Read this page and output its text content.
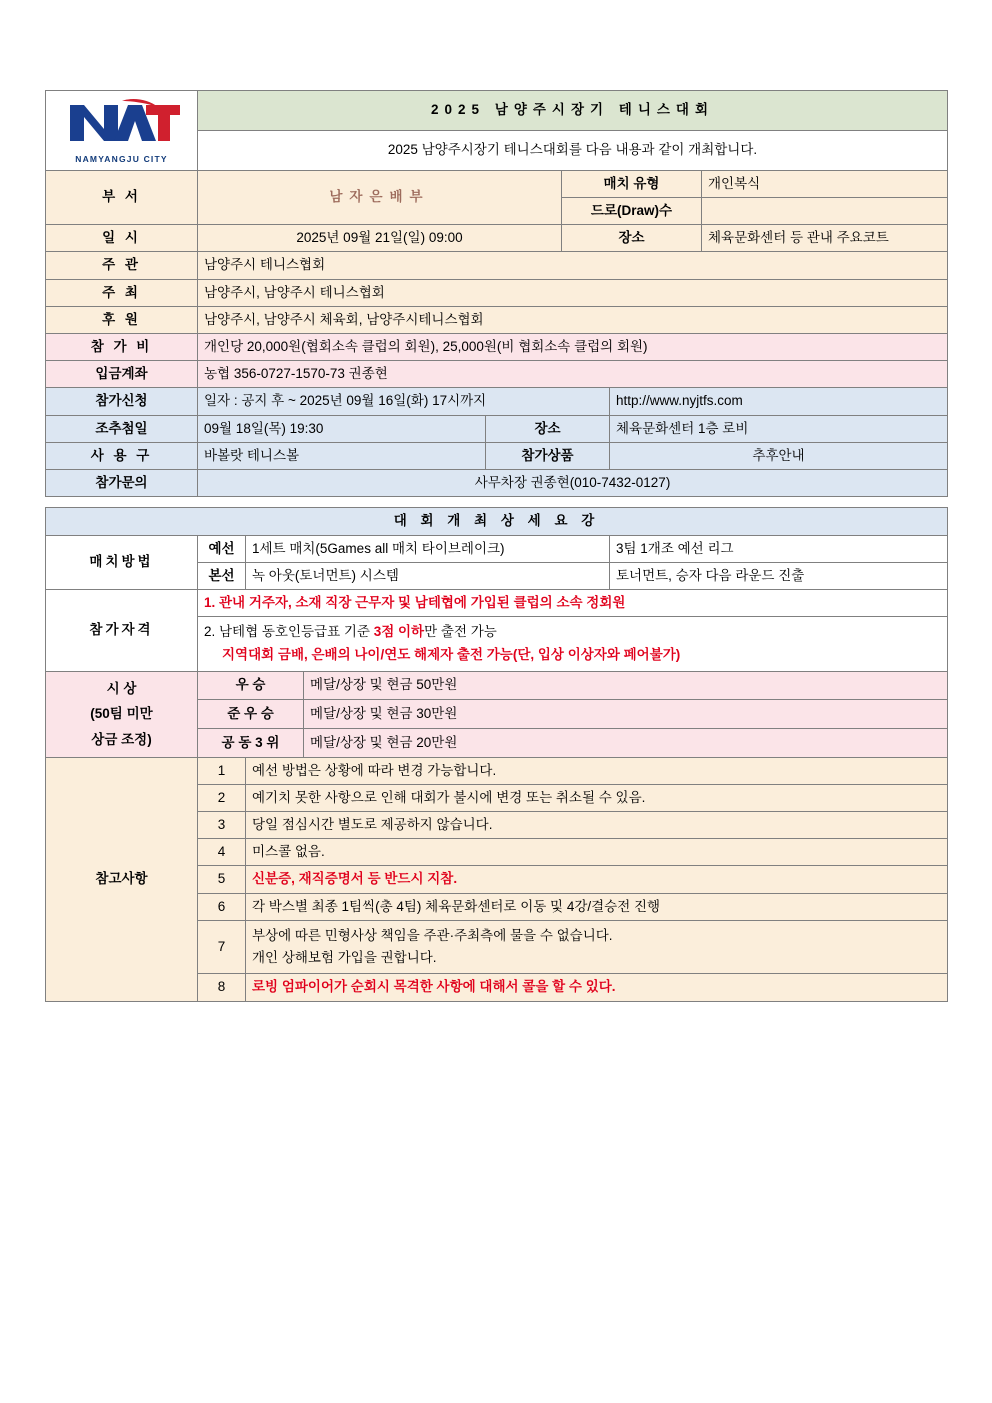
NAMYANGJU CITY	2025 남양주시장기 테니스대회						
	2025 남양주시장기 테니스대회를 다음 내용과 같이 개최합니다.						
부 서	남자은배부				매치 유형		개인복식
					드로(Draw)수		
일 시	2025년 09월 21일(일) 09:00				장소		체육문화센터 등 관내 주요코트
주 관	남양주시 테니스협회						
주 최	남양주시, 남양주시 테니스협회						
후 원	남양주시, 남양주시 체육회, 남양주시테니스협회						
참 가 비	개인당 20,000원(협회소속 클럽의 회원), 25,000원(비 협회소속 클럽의 회원)						
입금계좌	농협 356-0727-1570-73 권종현						
참가신청	일자 : 공지 후 ~ 2025년 09월 16일(화) 17시까지					http://www.nyjtfs.com	
조추첨일	09월 18일(목) 19:30			장소		체육문화센터 1층 로비	
사 용 구	바볼랏 테니스볼			참가상품		추후안내	
참가문의	사무차장 권종현(010-7432-0127)						

대 회 개 최 상 세 요 강							
매치방법	예선	1세트 매치(5Games all 매치 타이브레이크)				3팀 1개조 예선 리그	
	본선	녹 아웃(토너먼트) 시스템				토너먼트, 승자 다음 라운드 진출	
참가자격	1. 관내 거주자, 소재 직장 근무자 및 남테협에 가입된 클럽의 소속 정회원						

	2. 남테협 동호인등급표 기준 3점 이하만 출전 가능
지역대회 금배, 은배의 나이/연도 해제자 출전 가능(단, 입상 이상자와 페어불가)						

시 상
(50팀 미만
상금 조정)	우 승		메달/상장 및 현금 50만원				
	준 우 승		메달/상장 및 현금 30만원				
	공 동 3 위		메달/상장 및 현금 20만원				
참고사항	1	예선 방법은 상황에 따라 변경 가능합니다.					
	2	예기치 못한 사항으로 인해 대회가 불시에 변경 또는 취소될 수 있음.					
	3	당일 점심시간 별도로 제공하지 않습니다.					
	4	미스콜 없음.					
	5	신분증, 재직증명서 등 반드시 지참.					
	6	각 박스별 최종 1팀씩(총 4팀) 체육문화센터로 이동 및 4강/결승전 진행					
	7	부상에 따른 민형사상 책임을 주관·주최측에 물을 수 없습니다.
개인 상해보험 가입을 권합니다.					

	8	로빙 엄파이어가 순회시 목격한 사항에 대해서 콜을 할 수 있다.					
